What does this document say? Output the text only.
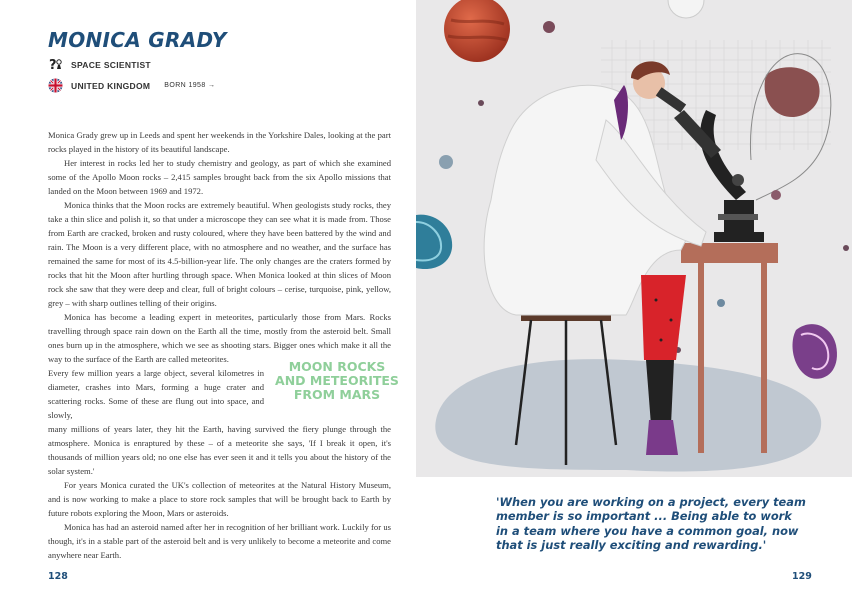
MONICA GRADY
? SPACE SCIENTIST
UNITED KINGDOM BORN 1958 →

Monica Grady grew up in Leeds and spent her weekends in the Yorkshire Dales, looking at the part rocks played in the history of its beautiful landscape.

Her interest in rocks led her to study chemistry and geology, as part of which she examined some of the Apollo Moon rocks – 2,415 samples brought back from the six Apollo missions that landed on the Moon between 1969 and 1972.

Monica thinks that the Moon rocks are extremely beautiful. When geologists study rocks, they take a thin slice and polish it, so that under a microscope they can see what it is made from. Those from Earth are cracked, broken and rusty coloured, where they have been battered by the wind and rain. The Moon is a very different place, with no atmosphere and no weather, and the surface has remained the same for most of its 4.5-billion-year life. The only changes are the craters formed by rocks that hit the Moon after hurtling through space. When Monica looked at thin slices of Moon rock she saw that they were deep and clear, full of bright colours – cerise, turquoise, pink, yellow, grey – with sharp outlines telling of their origins.

Monica has become a leading expert in meteorites, particularly those from Mars. Rocks travelling through space rain down on the Earth all the time, mostly from the asteroid belt. Small ones burn up in the atmosphere, which we see as shooting stars. Bigger ones which make it all the way to the surface of the Earth are called meteorites.

Every few million years a large object, several kilometres in diameter, crashes into Mars, forming a huge crater and scattering rocks. Some of these are flung out into space, and slowly,

many millions of years later, they hit the Earth, having survived the fiery plunge through the atmosphere. Monica is enraptured by these – of a meteorite she says, 'If I break it open, it's thousands of million years old; no one else has ever seen it and it tells you about the history of the solar system.'

For years Monica curated the UK's collection of meteorites at the Natural History Museum, and is now working to make a place to store rock samples that will be brought back to Earth by future robots exploring the Moon, Mars or asteroids.

Monica has had an asteroid named after her in recognition of her brilliant work. Luckily for us though, it's in a stable part of the asteroid belt and is very unlikely to become a meteorite and come anywhere near Earth.

MOON ROCKS
AND METEORITES
FROM MARS
'When you are working on a project, every team member is so important ... Being able to work in a team where you have a common goal, now that is just really exciting and rewarding.'
128	129
